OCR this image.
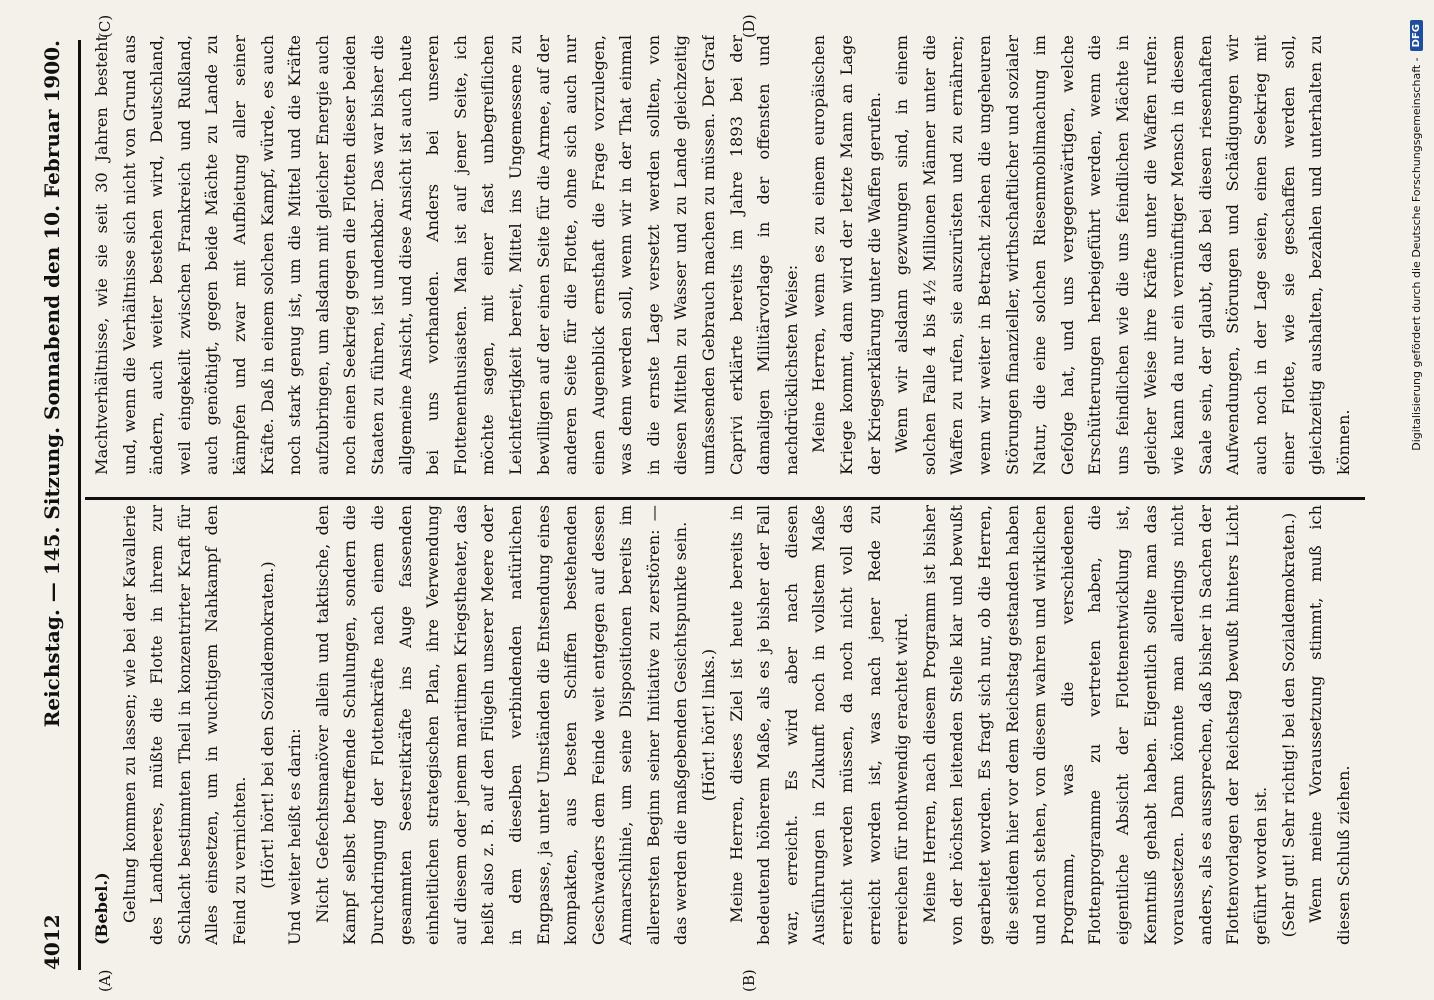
4012
Reichstag. — 145. Sitzung. Sonnabend den 10. Februar 1900.
(A)	(B)
(C)	(D)

(Bebel.) Geltung kommen zu lassen; wie bei der Kavallerie des Landheeres, müßte die Flotte in ihrem zur Schlacht bestimmten Theil in konzentrirter Kraft für Alles einsetzen, um in wuchtigem Nahkampf den Feind zu vernichten. (Hört! hört! bei den Sozialdemokraten.) Und weiter heißt es darin: Nicht Gefechtsmanöver allein und taktische, den Kampf selbst betreffende Schulungen, sondern die Durchdringung der Flottenkräfte nach einem die gesammten Seestreitkräfte ins Auge fassenden einheitlichen strategischen Plan, ihre Verwendung auf diesem oder jenem maritimen Kriegstheater, das heißt also z. B. auf den Flügeln unserer Meere oder in dem dieselben verbindenden natürlichen Engpasse, ja unter Umständen die Entsendung eines kompakten, aus besten Schiffen bestehenden Geschwaders dem Feinde weit entgegen auf dessen Anmarschlinie, um seine Dispositionen bereits im allerersten Beginn seiner Initiative zu zerstören: — das werden die maßgebenden Gesichtspunkte sein. (Hört! hört! links.) Meine Herren, dieses Ziel ist heute bereits in bedeutend höherem Maße, als es je bisher der Fall war, erreicht. Es wird aber nach diesen Ausführungen in Zukunft noch in vollstem Maße erreicht werden müssen, da noch nicht voll das erreicht worden ist, was nach jener Rede zu erreichen für nothwendig erachtet wird. Meine Herren, nach diesem Programm ist bisher von der höchsten leitenden Stelle klar und bewußt gearbeitet worden. Es fragt sich nur, ob die Herren, die seitdem hier vor dem Reichstag gestanden haben und noch stehen, von diesem wahren und wirklichen Programm, was die verschiedenen Flottenprogramme zu vertreten haben, die eigentliche Absicht der Flottenentwicklung ist, Kenntniß gehabt haben. Eigentlich sollte man das voraussetzen. Dann könnte man allerdings nicht anders, als es aussprechen, daß bisher in Sachen der Flottenvorlagen der Reichstag bewußt hinters Licht geführt worden ist. (Sehr gut! Sehr richtig! bei den Sozialdemokraten.) Wenn meine Voraussetzung stimmt, muß ich diesen Schluß ziehen.

Machtverhältnisse, wie sie seit 30 Jahren besteht und, wenn die Verhältnisse sich nicht von Grund aus ändern, auch weiter bestehen wird, Deutschland, weil eingekeilt zwischen Frankreich und Rußland, auch genöthigt, gegen beide Mächte zu Lande zu kämpfen und zwar mit Aufbietung aller seiner Kräfte. Daß in einem solchen Kampf, würde, es auch noch stark genug ist, um die Mittel und die Kräfte aufzubringen, um alsdann mit gleicher Energie auch noch einen Seekrieg gegen die Flotten dieser beiden Staaten zu führen, ist undenkbar. Das war bisher die allgemeine Ansicht, und diese Ansicht ist auch heute bei uns vorhanden. Anders bei unseren Flottenenthusiasten. Man ist auf jener Seite, ich möchte sagen, mit einer fast unbegreiflichen Leichtfertigkeit bereit, Mittel ins Ungemessene zu bewilligen auf der einen Seite für die Armee, auf der anderen Seite für die Flotte, ohne sich auch nur einen Augenblick ernsthaft die Frage vorzulegen, was denn werden soll, wenn wir in der That einmal in die ernste Lage versetzt werden sollten, von diesen Mitteln zu Wasser und zu Lande gleichzeitig umfassenden Gebrauch machen zu müssen. Der Graf Caprivi erklärte bereits im Jahre 1893 bei der damaligen Militärvorlage in der offensten und nachdrücklichsten Weise: Meine Herren, wenn es zu einem europäischen Kriege kommt, dann wird der letzte Mann an Lage der Kriegserklärung unter die Waffen gerufen. Wenn wir alsdann gezwungen sind, in einem solchen Falle 4 bis 4½ Millionen Männer unter die Waffen zu rufen, sie auszurüsten und zu ernähren; wenn wir weiter in Betracht ziehen die ungeheuren Störungen finanzieller, wirthschaftlicher und sozialer Natur, die eine solchen Riesenmobilmachung im Gefolge hat, und uns vergegenwärtigen, welche Erschütterungen herbeigeführt werden, wenn die uns feindlichen wie die uns feindlichen Mächte in gleicher Weise ihre Kräfte unter die Waffen rufen: wie kann da nur ein vernünftiger Mensch in diesem Saale sein, der glaubt, daß bei diesen riesenhaften Aufwendungen, Störungen und Schädigungen wir auch noch in der Lage seien, einen Seekrieg mit einer Flotte, wie sie geschaffen werden soll, gleichzeitig aushalten, bezahlen und unterhalten zu können.	Digitalisierung gefördert durch die Deutsche Forschungsgemeinschaft -
DFG
